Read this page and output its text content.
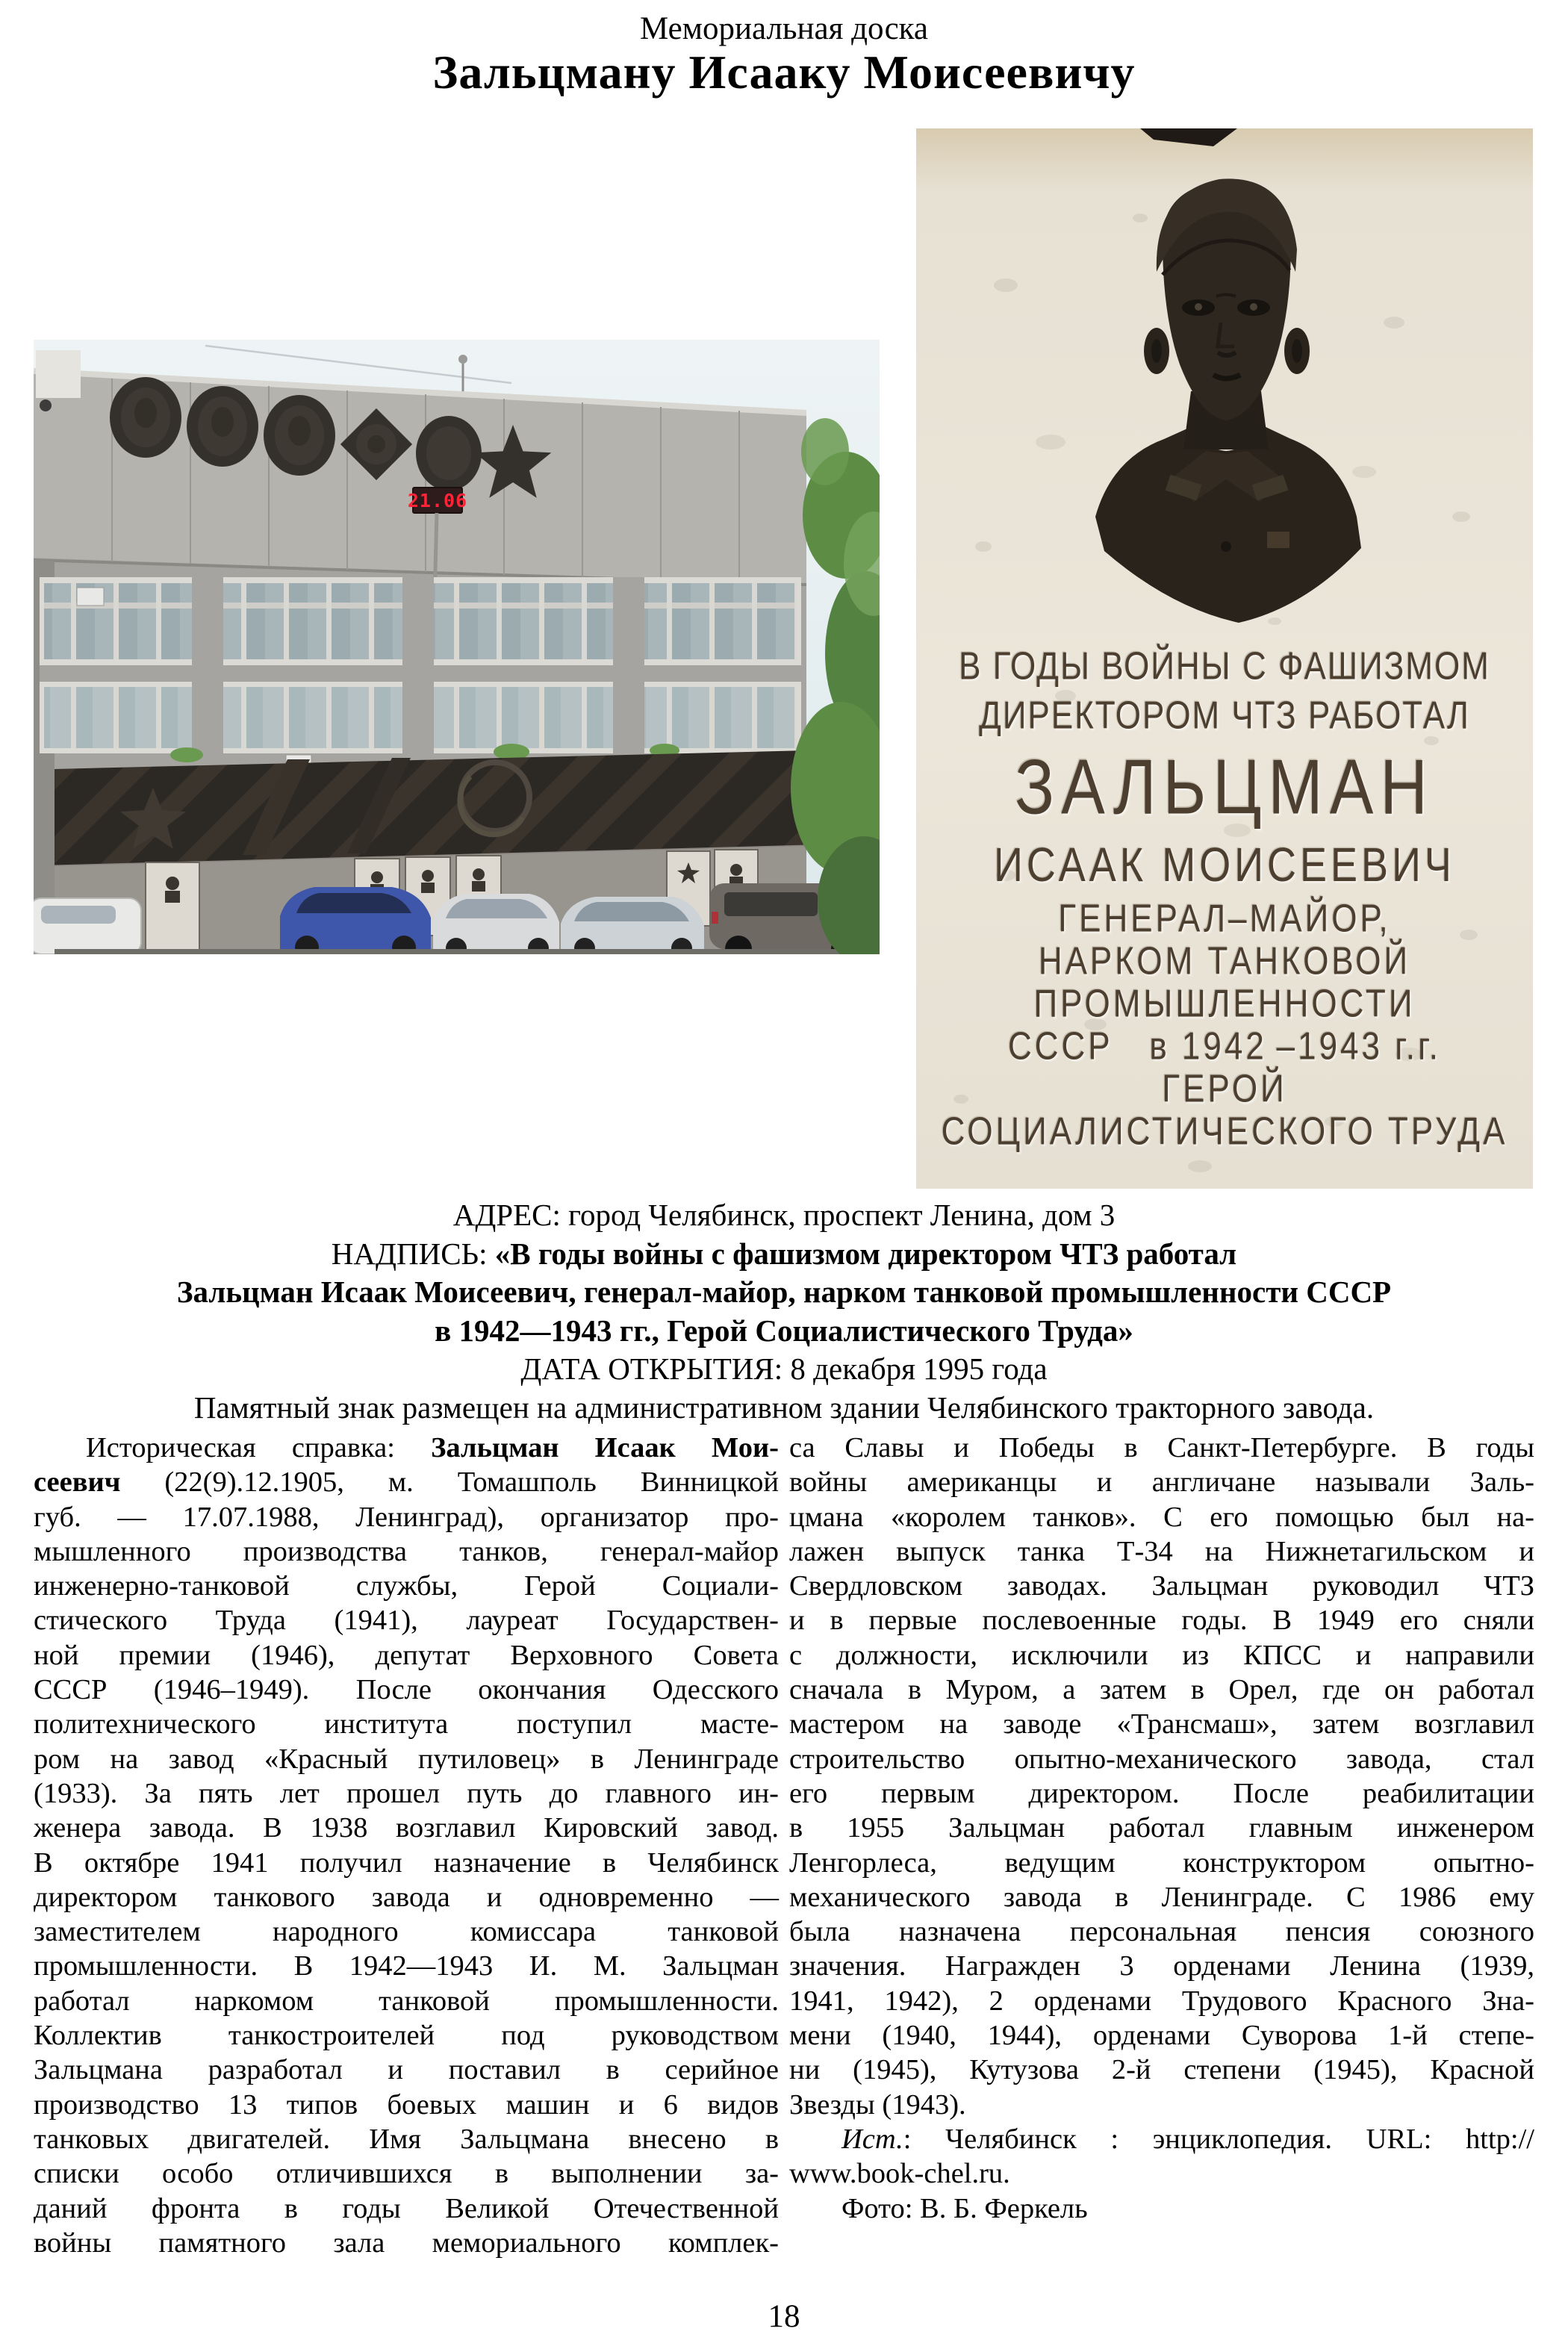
Мемориальная доска
Зальцману Исааку Моисеевичу
21.06
В ГОДЫ ВОЙНЫ С ФАШИЗМОМ
ДИРЕКТОРОМ ЧТЗ РАБОТАЛ
ЗАЛЬЦМАН
ИСААК МОИСЕЕВИЧ
ГЕНЕРАЛ–МАЙОР,
НАРКОМ ТАНКОВОЙ
ПРОМЫШЛЕННОСТИ
СССР   в 1942 –1943 г.г.
ГЕРОЙ
СОЦИАЛИСТИЧЕСКОГО ТРУДА
АДРЕС: город Челябинск, проспект Ленина, дом 3
НАДПИСЬ: «В годы войны с фашизмом директором ЧТЗ работал
Зальцман Исаак Моисеевич, генерал-майор, нарком танковой промышленности СССР
в 1942—1943 гг., Герой Социалистического Труда»
ДАТА ОТКРЫТИЯ: 8 декабря 1995 года
Памятный знак размещен на административном здании Челябинского тракторного завода.
Историческая справка: Зальцман Исаак Мои-
сеевич (22(9).12.1905, м. Томашполь Винницкой
губ. — 17.07.1988, Ленинград), организатор про-
мышленного производства танков, генерал-майор
инженерно-танковой службы, Герой Социали-
стического Труда (1941), лауреат Государствен-
ной премии (1946), депутат Верховного Совета
СССР (1946–1949). После окончания Одесского
политехнического института поступил масте-
ром на завод «Красный путиловец» в Ленинграде
(1933). За пять лет прошел путь до главного ин-
женера завода. В 1938 возглавил Кировский завод.
В октябре 1941 получил назначение в Челябинск
директором танкового завода и одновременно —
заместителем народного комиссара танковой
промышленности. В 1942—1943 И. М. Зальцман
работал наркомом танковой промышленности.
Коллектив танкостроителей под руководством
Зальцмана разработал и поставил в серийное
производство 13 типов боевых машин и 6 видов
танковых двигателей. Имя Зальцмана внесено в
списки особо отличившихся в выполнении за-
даний фронта в годы Великой Отечественной
войны памятного зала мемориального комплек-
са Славы и Победы в Санкт-Петербурге. В годы
войны американцы и англичане называли Заль-
цмана «королем танков». С его помощью был на-
лажен выпуск танка Т-34 на Нижнетагильском и
Свердловском заводах. Зальцман руководил ЧТЗ
и в первые послевоенные годы. В 1949 его сняли
с должности, исключили из КПСС и направили
сначала в Муром, а затем в Орел, где он работал
мастером на заводе «Трансмаш», затем возглавил
строительство опытно-механического завода, стал
его первым директором. После реабилитации
в 1955 Зальцман работал главным инженером
Ленгорлеса, ведущим конструктором опытно-
механического завода в Ленинграде. С 1986 ему
была назначена персональная пенсия союзного
значения. Награжден 3 орденами Ленина (1939,
1941, 1942), 2 орденами Трудового Красного Зна-
мени (1940, 1944), орденами Суворова 1-й степе-
ни (1945), Кутузова 2-й степени (1945), Красной
Звезды (1943).
Ист.: Челябинск : энциклопедия. URL: http://
www.book-chel.ru.
Фото: В. Б. Феркель
18
